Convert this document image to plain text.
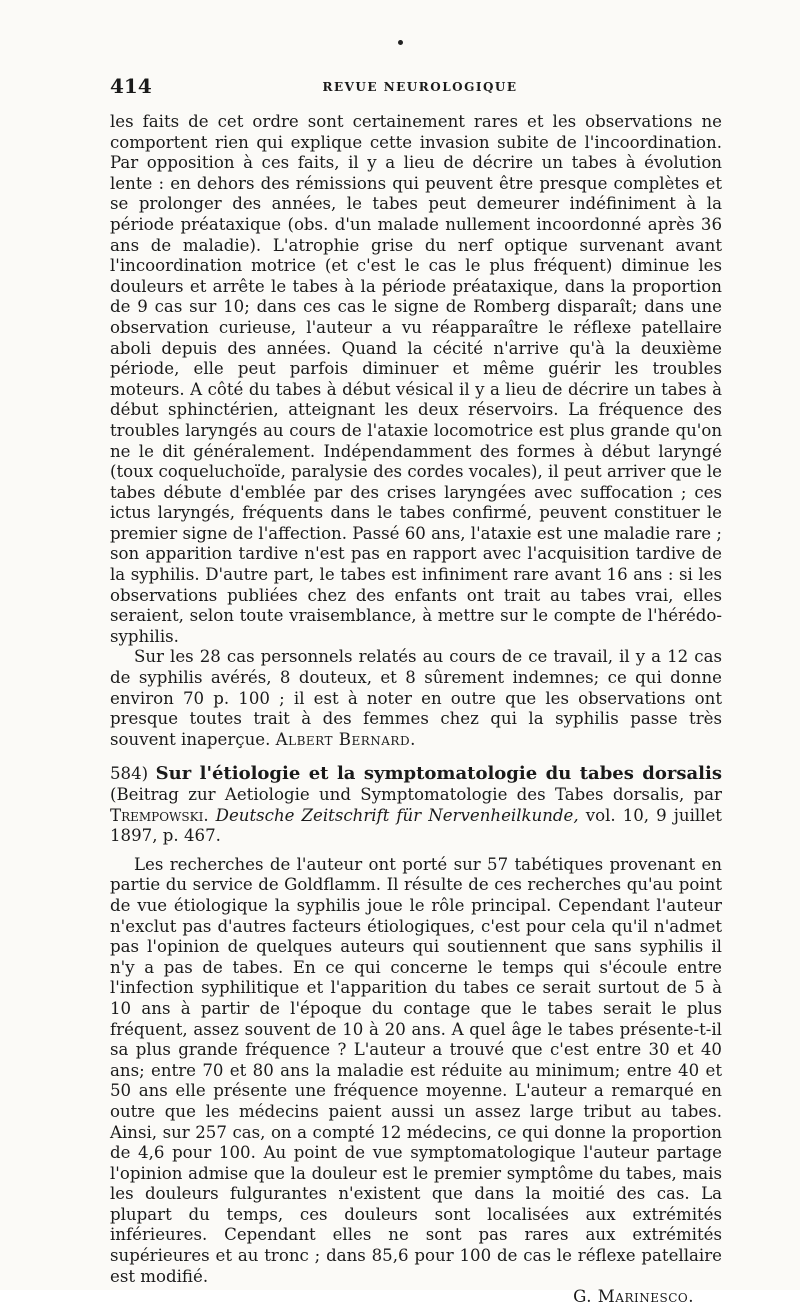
414	REVUE NEUROLOGIQUE

les faits de cet ordre sont certainement rares et les observations ne comportent rien qui explique cette invasion subite de l'incoordination. Par opposition à ces faits, il y a lieu de décrire un tabes à évolution lente : en dehors des rémissions qui peuvent être presque complètes et se prolonger des années, le tabes peut demeurer indéfiniment à la période préataxique (obs. d'un malade nullement incoordonné après 36 ans de maladie). L'atrophie grise du nerf optique survenant avant l'incoordination motrice (et c'est le cas le plus fréquent) diminue les douleurs et arrête le tabes à la période préataxique, dans la proportion de 9 cas sur 10; dans ces cas le signe de Romberg disparaît; dans une observation curieuse, l'auteur a vu réapparaître le réflexe patellaire aboli depuis des années. Quand la cécité n'arrive qu'à la deuxième période, elle peut parfois diminuer et même guérir les troubles moteurs. A côté du tabes à début vésical il y a lieu de décrire un tabes à début sphinctérien, atteignant les deux réservoirs. La fréquence des troubles laryngés au cours de l'ataxie locomotrice est plus grande qu'on ne le dit généralement. Indépendamment des formes à début laryngé (toux coqueluchoïde, paralysie des cordes vocales), il peut arriver que le tabes débute d'emblée par des crises laryngées avec suffocation ; ces ictus laryngés, fréquents dans le tabes confirmé, peuvent constituer le premier signe de l'affection. Passé 60 ans, l'ataxie est une maladie rare ; son apparition tardive n'est pas en rapport avec l'acquisition tardive de la syphilis. D'autre part, le tabes est infiniment rare avant 16 ans : si les observations publiées chez des enfants ont trait au tabes vrai, elles seraient, selon toute vraisemblance, à mettre sur le compte de l'hérédo-syphilis.

Sur les 28 cas personnels relatés au cours de ce travail, il y a 12 cas de syphilis avérés, 8 douteux, et 8 sûrement indemnes; ce qui donne environ 70 p. 100 ; il est à noter en outre que les observations ont presque toutes trait à des femmes chez qui la syphilis passe très souvent inaperçue. Albert Bernard.

584) Sur l'étiologie et la symptomatologie du tabes dorsalis (Beitrag zur Aetiologie und Symptomatologie des Tabes dorsalis, par Trempowski. Deutsche Zeitschrift für Nervenheilkunde, vol. 10, 9 juillet 1897, p. 467.

Les recherches de l'auteur ont porté sur 57 tabétiques provenant en partie du service de Goldflamm. Il résulte de ces recherches qu'au point de vue étiologique la syphilis joue le rôle principal. Cependant l'auteur n'exclut pas d'autres facteurs étiologiques, c'est pour cela qu'il n'admet pas l'opinion de quelques auteurs qui soutiennent que sans syphilis il n'y a pas de tabes. En ce qui concerne le temps qui s'écoule entre l'infection syphilitique et l'apparition du tabes ce serait surtout de 5 à 10 ans à partir de l'époque du contage que le tabes serait le plus fréquent, assez souvent de 10 à 20 ans. A quel âge le tabes présente-t-il sa plus grande fréquence ? L'auteur a trouvé que c'est entre 30 et 40 ans; entre 70 et 80 ans la maladie est réduite au minimum; entre 40 et 50 ans elle présente une fréquence moyenne. L'auteur a remarqué en outre que les médecins paient aussi un assez large tribut au tabes. Ainsi, sur 257 cas, on a compté 12 médecins, ce qui donne la proportion de 4,6 pour 100. Au point de vue symptomatologique l'auteur partage l'opinion admise que la douleur est le premier symptôme du tabes, mais les douleurs fulgurantes n'existent que dans la moitié des cas. La plupart du temps, ces douleurs sont localisées aux extrémités inférieures. Cependant elles ne sont pas rares aux extrémités supérieures et au tronc ; dans 85,6 pour 100 de cas le réflexe patellaire est modifié.

G. Marinesco.
